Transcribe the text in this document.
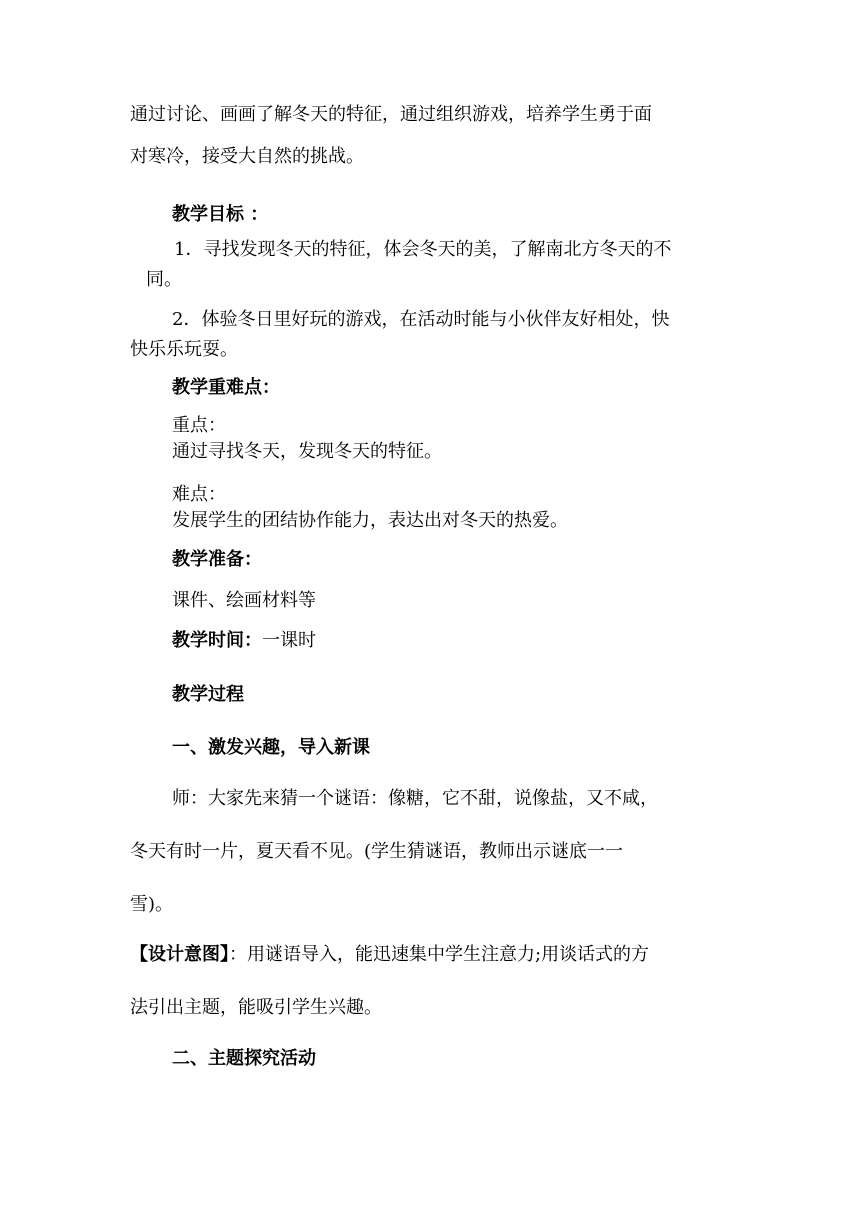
通过讨论、画画了解冬天的特征，通过组织游戏，培养学生勇于面

对寒冷，接受大自然的挑战。

教学目标 ：

1．寻找发现冬天的特征，体会冬天的美，了解南北方冬天的不

同。

2．体验冬日里好玩的游戏，在活动时能与小伙伴友好相处，快

快乐乐玩耍。

教学重难点：

重点：

通过寻找冬天，发现冬天的特征。

难点：

发展学生的团结协作能力，表达出对冬天的热爱。

教学准备：

课件、绘画材料等

教学时间：一课时

教学过程

一、激发兴趣，导入新课

师：大家先来猜一个谜语：像糖，它不甜，说像盐，又不咸，

冬天有时一片，夏天看不见。(学生猜谜语，教师出示谜底一一

雪)。

【设计意图】：用谜语导入，能迅速集中学生注意力;用谈话式的方

法引出主题，能吸引学生兴趣。

二、主题探究活动
